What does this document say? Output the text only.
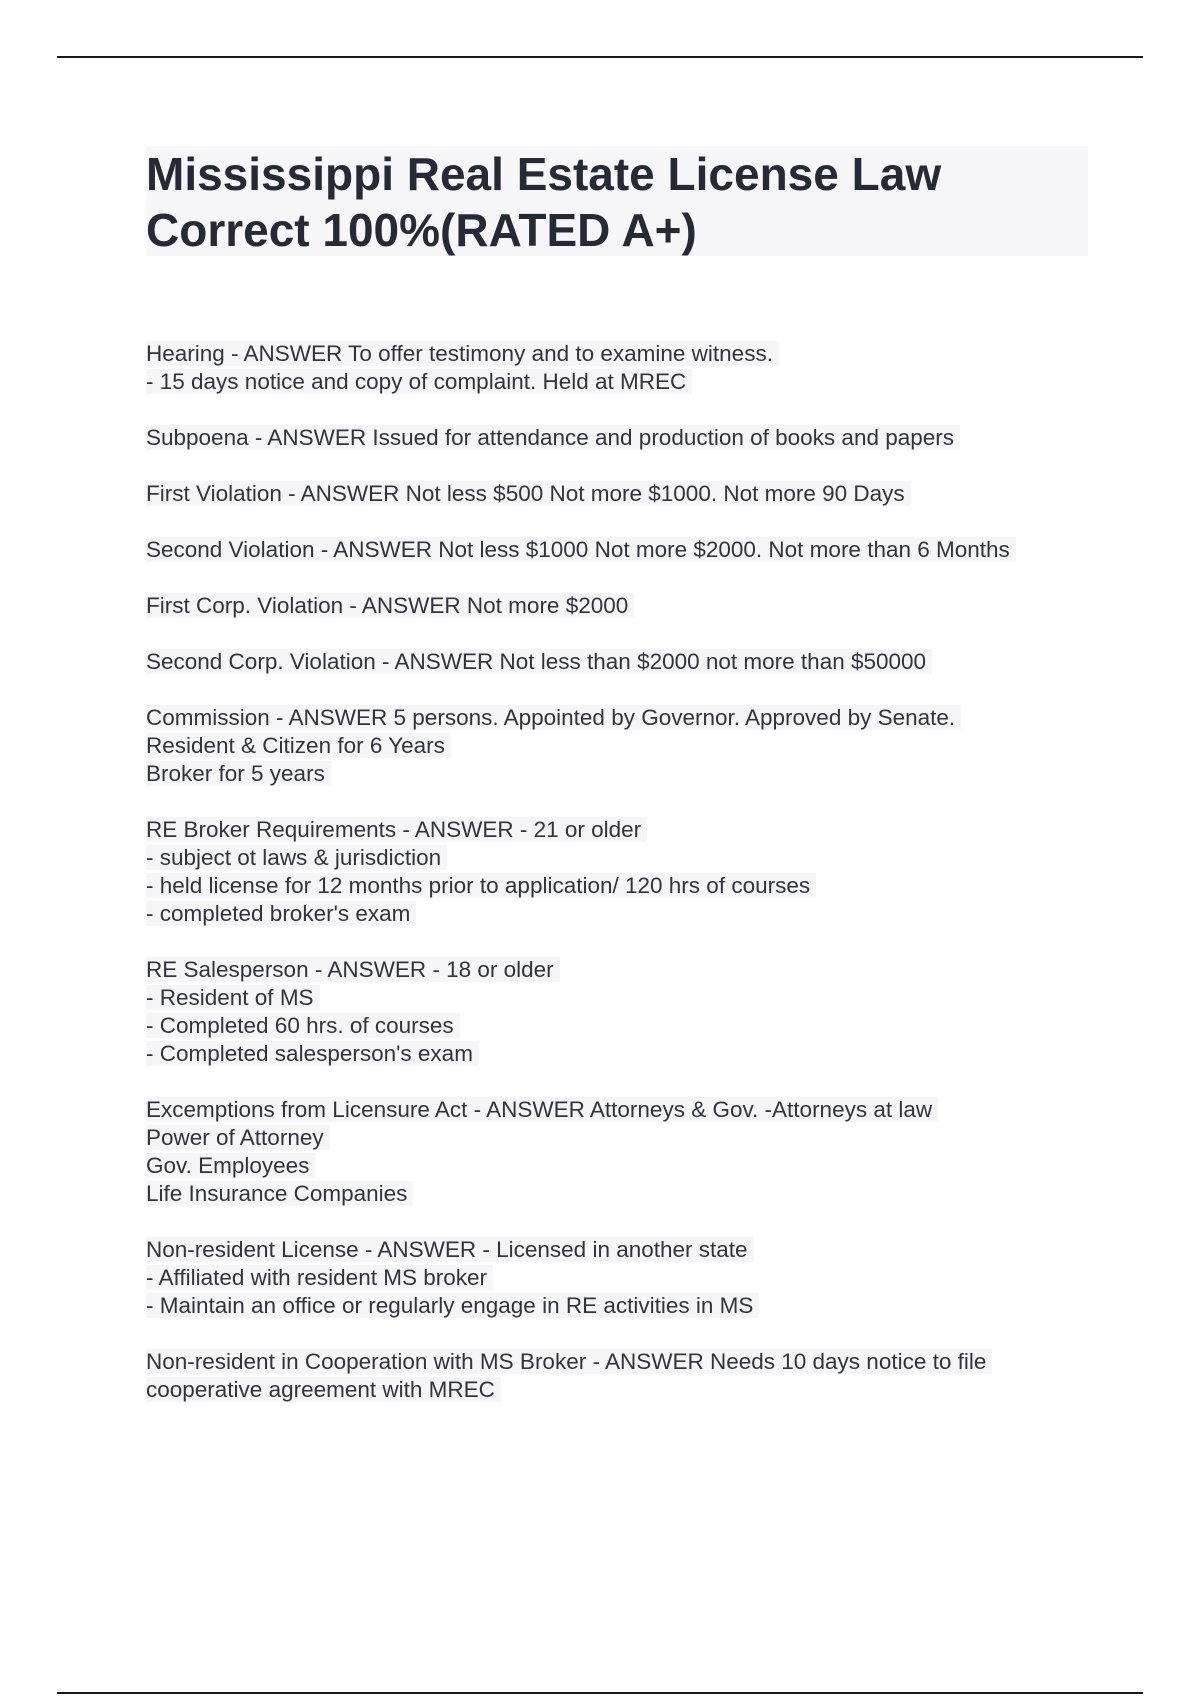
Mississippi Real Estate License Law
Correct 100%(RATED A+)
Hearing - ANSWER To offer testimony and to examine witness.
- 15 days notice and copy of complaint. Held at MREC
Subpoena - ANSWER Issued for attendance and production of books and papers
First Violation - ANSWER Not less $500 Not more $1000. Not more 90 Days
Second Violation - ANSWER Not less $1000 Not more $2000. Not more than 6 Months
First Corp. Violation - ANSWER Not more $2000
Second Corp. Violation - ANSWER Not less than $2000 not more than $50000
Commission - ANSWER 5 persons. Appointed by Governor. Approved by Senate.
Resident & Citizen for 6 Years
Broker for 5 years
RE Broker Requirements - ANSWER - 21 or older
- subject ot laws & jurisdiction
- held license for 12 months prior to application/ 120 hrs of courses
- completed broker's exam
RE Salesperson - ANSWER - 18 or older
- Resident of MS
- Completed 60 hrs. of courses
- Completed salesperson's exam
Excemptions from Licensure Act - ANSWER Attorneys & Gov. -Attorneys at law
Power of Attorney
Gov. Employees
Life Insurance Companies
Non-resident License - ANSWER - Licensed in another state
- Affiliated with resident MS broker
- Maintain an office or regularly engage in RE activities in MS
Non-resident in Cooperation with MS Broker - ANSWER Needs 10 days notice to file
cooperative agreement with MREC
